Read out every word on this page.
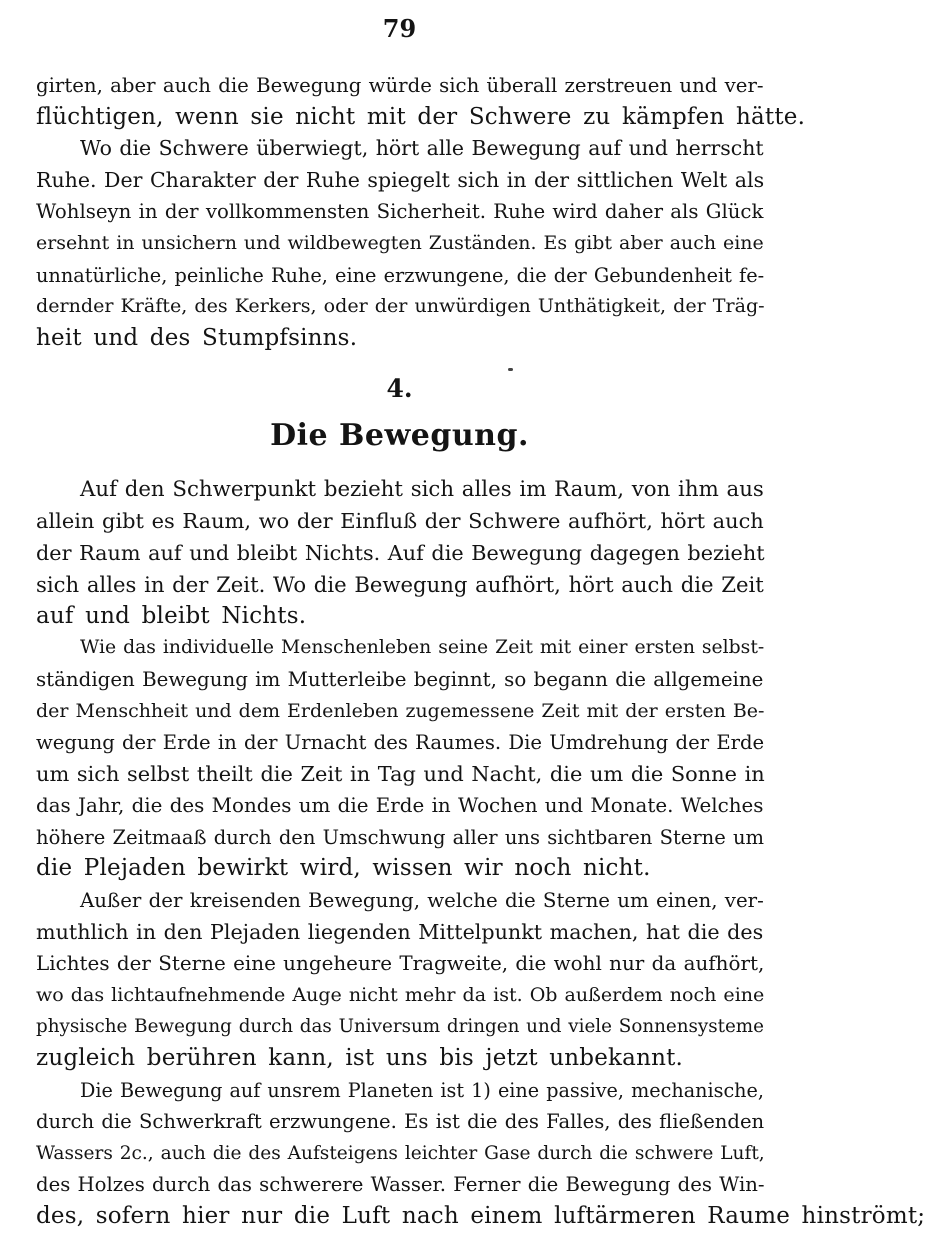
79
girten, aber auch die Bewegung würde sich überall zerstreuen und ver-
flüchtigen, wenn sie nicht mit der Schwere zu kämpfen hätte.
Wo die Schwere überwiegt, hört alle Bewegung auf und herrscht
Ruhe. Der Charakter der Ruhe spiegelt sich in der sittlichen Welt als
Wohlseyn in der vollkommensten Sicherheit. Ruhe wird daher als Glück
ersehnt in unsichern und wildbewegten Zuständen. Es gibt aber auch eine
unnatürliche, peinliche Ruhe, eine erzwungene, die der Gebundenheit fe-
dernder Kräfte, des Kerkers, oder der unwürdigen Unthätigkeit, der Träg-
heit und des Stumpfsinns.
4.
Die Bewegung.
Auf den Schwerpunkt bezieht sich alles im Raum, von ihm aus
allein gibt es Raum, wo der Einfluß der Schwere aufhört, hört auch
der Raum auf und bleibt Nichts. Auf die Bewegung dagegen bezieht
sich alles in der Zeit. Wo die Bewegung aufhört, hört auch die Zeit
auf und bleibt Nichts.
Wie das individuelle Menschenleben seine Zeit mit einer ersten selbst-
ständigen Bewegung im Mutterleibe beginnt, so begann die allgemeine
der Menschheit und dem Erdenleben zugemessene Zeit mit der ersten Be-
wegung der Erde in der Urnacht des Raumes. Die Umdrehung der Erde
um sich selbst theilt die Zeit in Tag und Nacht, die um die Sonne in
das Jahr, die des Mondes um die Erde in Wochen und Monate. Welches
höhere Zeitmaaß durch den Umschwung aller uns sichtbaren Sterne um
die Plejaden bewirkt wird, wissen wir noch nicht.
Außer der kreisenden Bewegung, welche die Sterne um einen, ver-
muthlich in den Plejaden liegenden Mittelpunkt machen, hat die des
Lichtes der Sterne eine ungeheure Tragweite, die wohl nur da aufhört,
wo das lichtaufnehmende Auge nicht mehr da ist. Ob außerdem noch eine
physische Bewegung durch das Universum dringen und viele Sonnensysteme
zugleich berühren kann, ist uns bis jetzt unbekannt.
Die Bewegung auf unsrem Planeten ist 1) eine passive, mechanische,
durch die Schwerkraft erzwungene. Es ist die des Falles, des fließenden
Wassers 2c., auch die des Aufsteigens leichter Gase durch die schwere Luft,
des Holzes durch das schwerere Wasser. Ferner die Bewegung des Win-
des, sofern hier nur die Luft nach einem luftärmeren Raume hinströmt;
